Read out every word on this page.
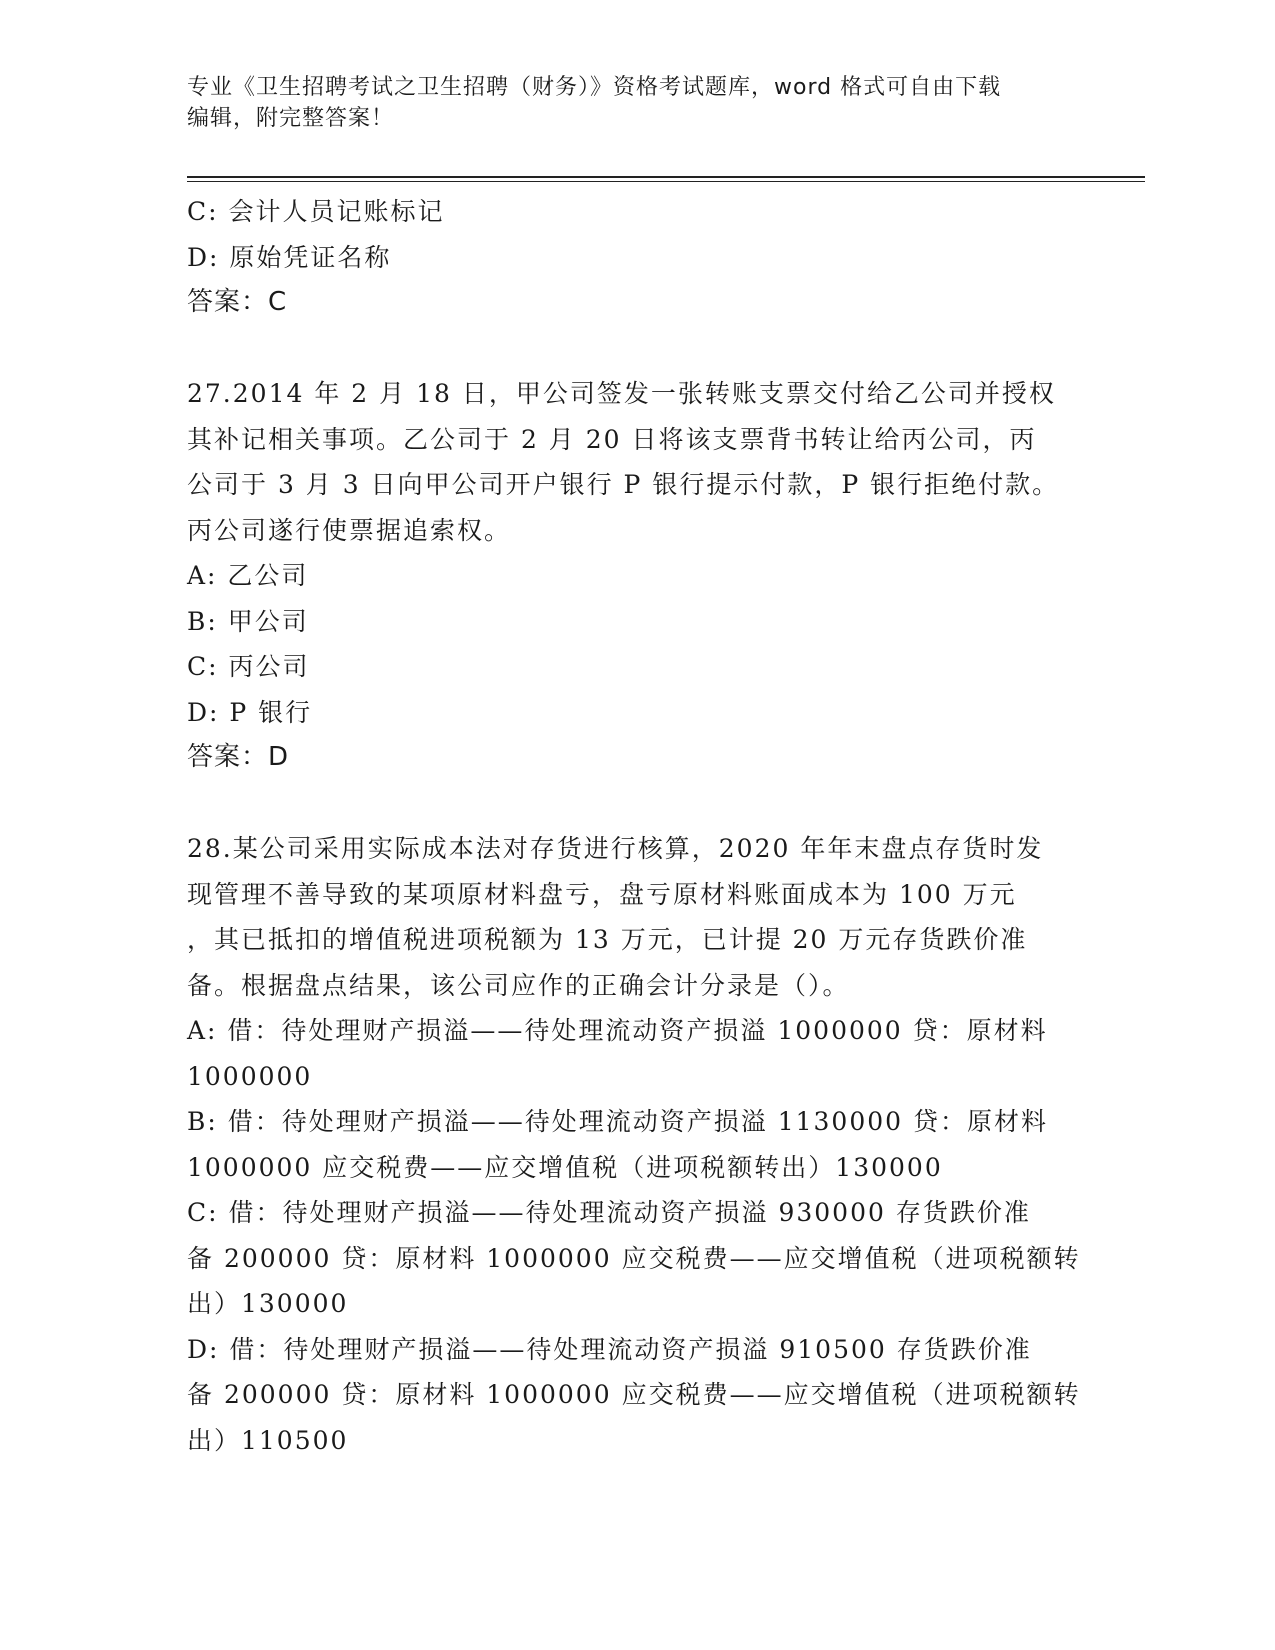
专业《卫生招聘考试之卫生招聘（财务）》资格考试题库，word 格式可自由下载
编辑，附完整答案！
C: 会计人员记账标记
D: 原始凭证名称
答案：C
27.2014 年 2 月 18 日，甲公司签发一张转账支票交付给乙公司并授权
其补记相关事项。乙公司于 2 月 20 日将该支票背书转让给丙公司，丙
公司于 3 月 3 日向甲公司开户银行 P 银行提示付款，P 银行拒绝付款。
丙公司遂行使票据追索权。
A: 乙公司
B: 甲公司
C: 丙公司
D: P 银行
答案：D
28.某公司采用实际成本法对存货进行核算，2020 年年末盘点存货时发
现管理不善导致的某项原材料盘亏，盘亏原材料账面成本为 100 万元
，其已抵扣的增值税进项税额为 13 万元，已计提 20 万元存货跌价准
备。根据盘点结果，该公司应作的正确会计分录是（）。
A: 借：待处理财产损溢——待处理流动资产损溢 1000000 贷：原材料
1000000
B: 借：待处理财产损溢——待处理流动资产损溢 1130000 贷：原材料
1000000 应交税费——应交增值税（进项税额转出）130000
C: 借：待处理财产损溢——待处理流动资产损溢 930000 存货跌价准
备 200000 贷：原材料 1000000 应交税费——应交增值税（进项税额转
出）130000
D: 借：待处理财产损溢——待处理流动资产损溢 910500 存货跌价准
备 200000 贷：原材料 1000000 应交税费——应交增值税（进项税额转
出）110500
